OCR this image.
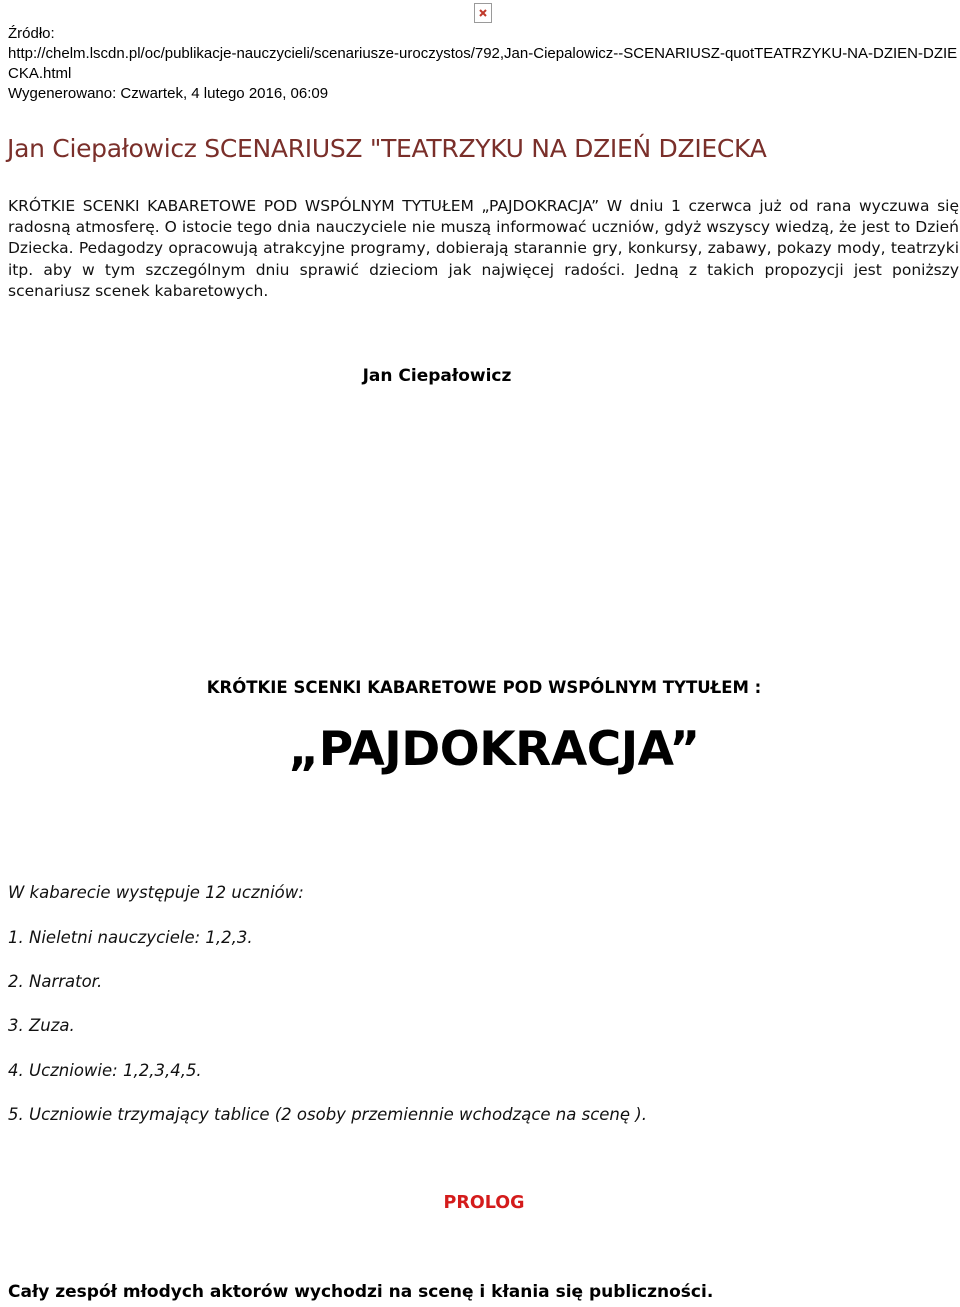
Źródło:
http://chelm.lscdn.pl/oc/publikacje-nauczycieli/scenariusze-uroczystos/792,Jan-Ciepalowicz--SCENARIUSZ-quotTEATRZYKU-NA-DZIEN-DZIECKA.html
Wygenerowano: Czwartek, 4 lutego 2016, 06:09
Jan Ciepałowicz SCENARIUSZ "TEATRZYKU NA DZIEŃ DZIECKA

KRÓTKIE SCENKI KABARETOWE POD WSPÓLNYM TYTUŁEM „PAJDOKRACJA” W dniu 1 czerwca już od rana wyczuwa się radosną atmosferę. O istocie tego dnia nauczyciele nie muszą informować uczniów, gdyż wszyscy wiedzą, że jest to Dzień Dziecka. Pedagodzy opracowują atrakcyjne programy, dobierają starannie gry, konkursy, zabawy, pokazy mody, teatrzyki itp. aby w tym szczególnym dniu sprawić dzieciom jak najwięcej radości. Jedną z takich propozycji jest poniższy scenariusz scenek kabaretowych.

Jan Ciepałowicz
KRÓTKIE SCENKI KABARETOWE POD WSPÓLNYM TYTUŁEM :
„PAJDOKRACJA”
W kabarecie występuje 12 uczniów:
1. Nieletni nauczyciele: 1,2,3.
2. Narrator.
3. Zuza.
4. Uczniowie: 1,2,3,4,5.
5. Uczniowie trzymający tablice (2 osoby przemiennie wchodzące na scenę ).
PROLOG
Cały zespół młodych aktorów wychodzi na scenę i kłania się publiczności.
